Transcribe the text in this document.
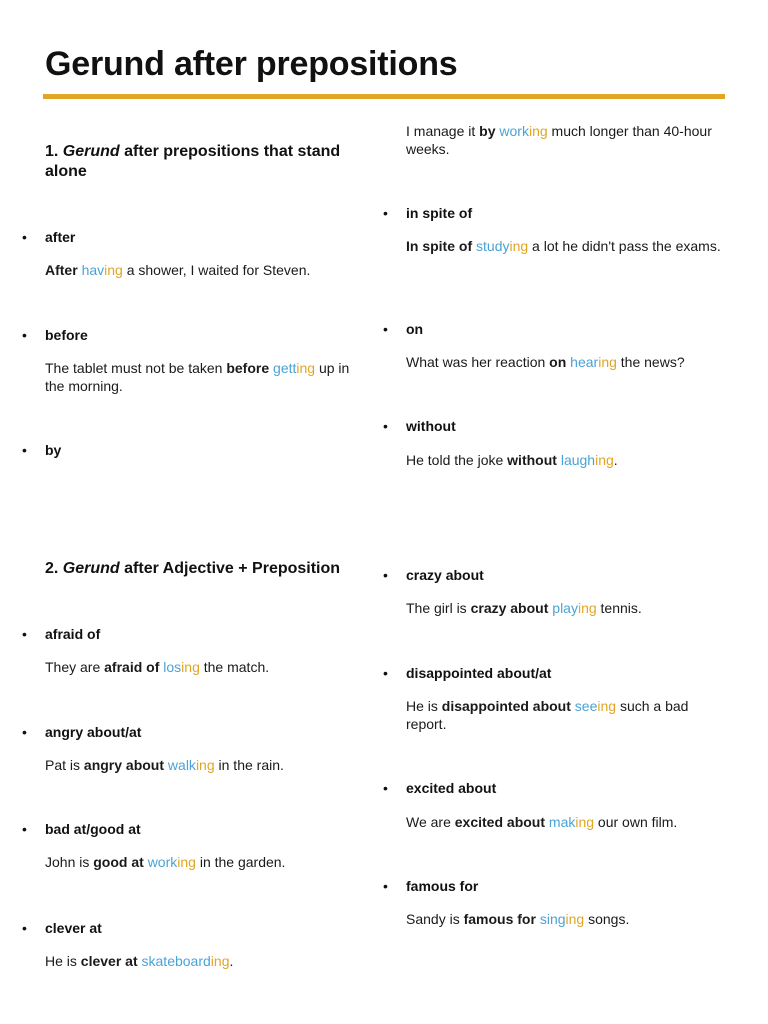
Gerund after prepositions
1. Gerund after prepositions that stand alone
• after

After having a shower, I waited for Steven.

• before

The tablet must not be taken before getting up in the morning.

• by

I manage it by working much longer than 40-hour weeks.

• in spite of

In spite of studying a lot he didn't pass the exams.

• on

What was her reaction on hearing the news?

• without

He told the joke without laughing.

2. Gerund after Adjective + Preposition
• afraid of

They are afraid of losing the match.

• angry about/at

Pat is angry about walking in the rain.

• bad at/good at

John is good at working in the garden.

• clever at

He is clever at skateboarding.

• crazy about

The girl is crazy about playing tennis.

• disappointed about/at

He is disappointed about seeing such a bad report.

• excited about

We are excited about making our own film.

• famous for

Sandy is famous for singing songs.
